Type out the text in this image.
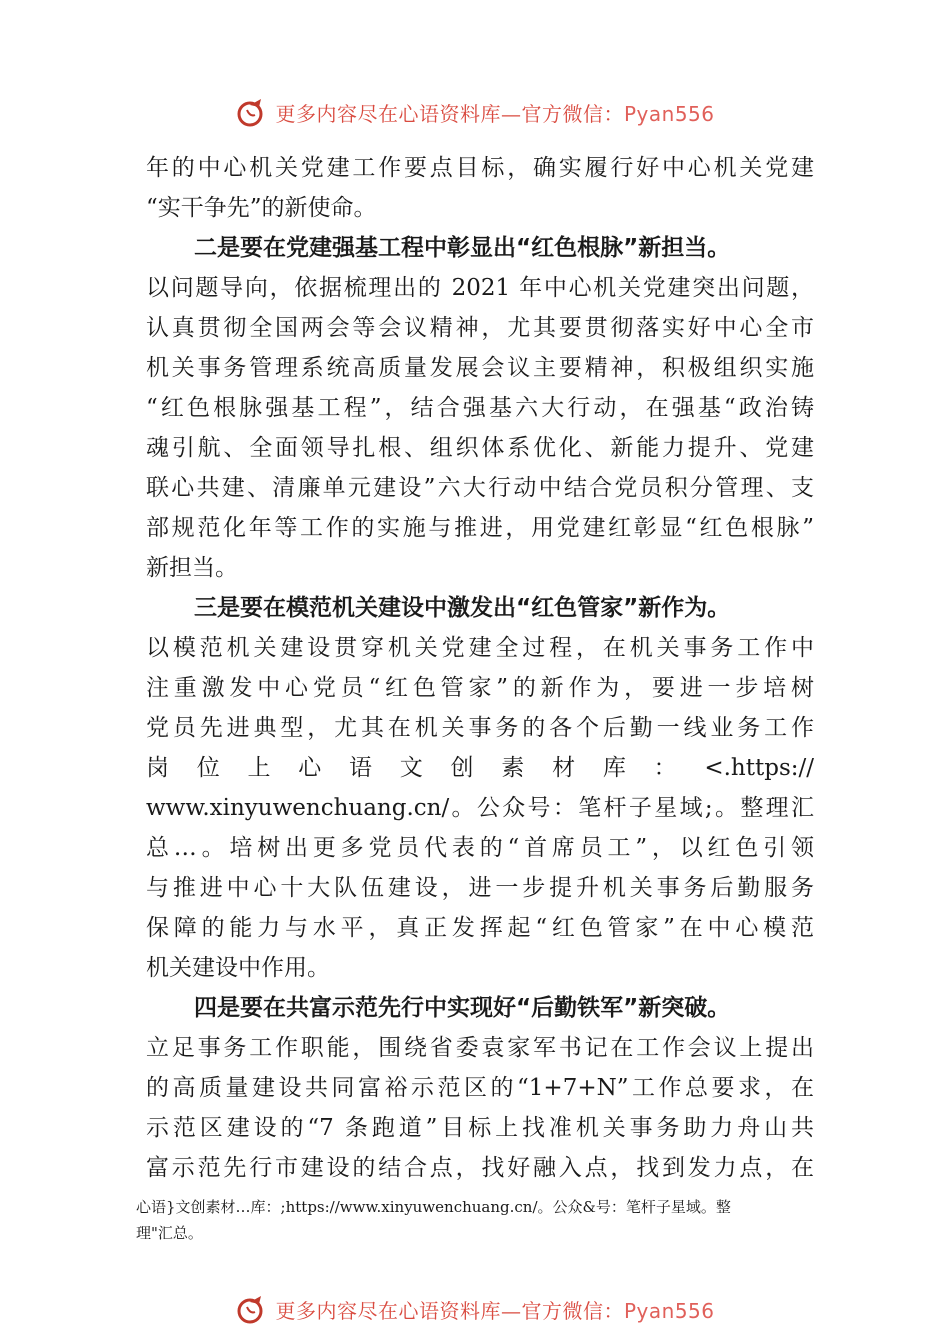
更多内容尽在心语资料库—官方微信：Pyan556
年的中心机关党建工作要点目标，确实履行好中心机关党建
“实干争先”的新使命。
二是要在党建强基工程中彰显出“红色根脉”新担当。
以问题导向，依据梳理出的 2021 年中心机关党建突出问题，
认真贯彻全国两会等会议精神，尤其要贯彻落实好中心全市
机关事务管理系统高质量发展会议主要精神，积极组织实施
“红色根脉强基工程”，结合强基六大行动，在强基“政治铸
魂引航、全面领导扎根、组织体系优化、新能力提升、党建
联心共建、清廉单元建设”六大行动中结合党员积分管理、支
部规范化年等工作的实施与推进，用党建红彰显“红色根脉”
新担当。
三是要在模范机关建设中激发出“红色管家”新作为。
以模范机关建设贯穿机关党建全过程，在机关事务工作中
注重激发中心党员“红色管家”的新作为，要进一步培树
党员先进典型，尤其在机关事务的各个后勤一线业务工作
岗 位 上 心 语 文 创 素 材 库 ： <.https://
www.xinyuwenchuang.cn/。公众号：笔杆子星域;。整理汇
总…。培树出更多党员代表的“首席员工”，以红色引领
与推进中心十大队伍建设，进一步提升机关事务后勤服务
保障的能力与水平，真正发挥起“红色管家”在中心模范
机关建设中作用。
四是要在共富示范先行中实现好“后勤铁军”新突破。
立足事务工作职能，围绕省委袁家军书记在工作会议上提出
的高质量建设共同富裕示范区的“1+7+N”工作总要求，在
示范区建设的“7 条跑道”目标上找准机关事务助力舟山共
富示范先行市建设的结合点，找好融入点，找到发力点，在
心语}文创素材…库：;https://www.xinyuwenchuang.cn/。公众&号：笔杆子星域。整
理"汇总。
更多内容尽在心语资料库—官方微信：Pyan556
